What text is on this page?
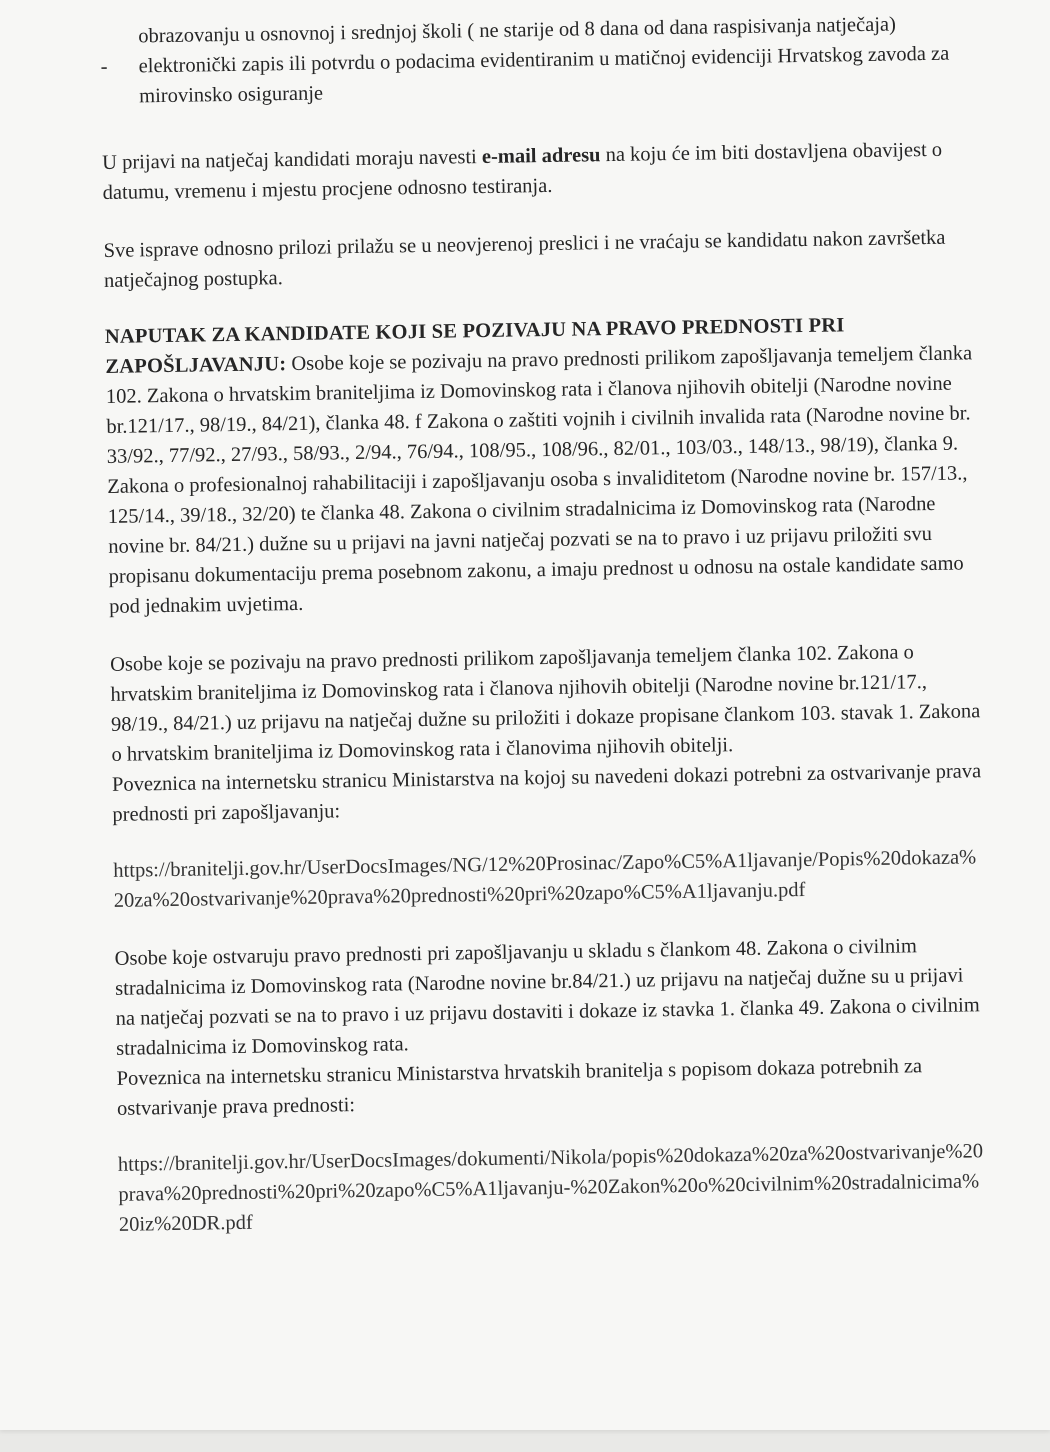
obrazovanju u osnovnoj i srednjoj školi ( ne starije od 8 dana od dana raspisivanja natječaja)
- elektronički zapis ili potvrdu o podacima evidentiranim u matičnoj evidenciji Hrvatskog zavoda za mirovinsko osiguranje

U prijavi na natječaj kandidati moraju navesti e-mail adresu na koju će im biti dostavljena obavijest o datumu, vremenu i mjestu procjene odnosno testiranja.

Sve isprave odnosno prilozi prilažu se u neovjerenoj preslici i ne vraćaju se kandidatu nakon završetka natječajnog postupka.

NAPUTAK ZA KANDIDATE KOJI SE POZIVAJU NA PRAVO PREDNOSTI PRI ZAPOŠLJAVANJU: Osobe koje se pozivaju na pravo prednosti prilikom zapošljavanja temeljem članka 102. Zakona o hrvatskim braniteljima iz Domovinskog rata i članova njihovih obitelji (Narodne novine br.121/17., 98/19., 84/21), članka 48. f Zakona o zaštiti vojnih i civilnih invalida rata (Narodne novine br. 33/92., 77/92., 27/93., 58/93., 2/94., 76/94., 108/95., 108/96., 82/01., 103/03., 148/13., 98/19), članka 9. Zakona o profesionalnoj rahabilitaciji i zapošljavanju osoba s invaliditetom (Narodne novine br. 157/13., 125/14., 39/18., 32/20) te članka 48. Zakona o civilnim stradalnicima iz Domovinskog rata (Narodne novine br. 84/21.) dužne su u prijavi na javni natječaj pozvati se na to pravo i uz prijavu priložiti svu propisanu dokumentaciju prema posebnom zakonu, a imaju prednost u odnosu na ostale kandidate samo pod jednakim uvjetima.

Osobe koje se pozivaju na pravo prednosti prilikom zapošljavanja temeljem članka 102. Zakona o hrvatskim braniteljima iz Domovinskog rata i članova njihovih obitelji (Narodne novine br.121/17., 98/19., 84/21.) uz prijavu na natječaj dužne su priložiti i dokaze propisane člankom 103. stavak 1. Zakona o hrvatskim braniteljima iz Domovinskog rata i članovima njihovih obitelji.

Poveznica na internetsku stranicu Ministarstva na kojoj su navedeni dokazi potrebni za ostvarivanje prava prednosti pri zapošljavanju:

https://branitelji.gov.hr/UserDocsImages/NG/12%20Prosinac/Zapo%C5%A1ljavanje/Popis%20dokaza%20za%20ostvarivanje%20prava%20prednosti%20pri%20zapo%C5%A1ljavanju.pdf

Osobe koje ostvaruju pravo prednosti pri zapošljavanju u skladu s člankom 48. Zakona o civilnim stradalnicima iz Domovinskog rata (Narodne novine br.84/21.) uz prijavu na natječaj dužne su u prijavi na natječaj pozvati se na to pravo i uz prijavu dostaviti i dokaze iz stavka 1. članka 49. Zakona o civilnim stradalnicima iz Domovinskog rata.

Poveznica na internetsku stranicu Ministarstva hrvatskih branitelja s popisom dokaza potrebnih za ostvarivanje prava prednosti:

https://branitelji.gov.hr/UserDocsImages/dokumenti/Nikola/popis%20dokaza%20za%20ostvarivanje%20prava%20prednosti%20pri%20zapo%C5%A1ljavanju-%20Zakon%20o%20civilnim%20stradalnicima%20iz%20DR.pdf
